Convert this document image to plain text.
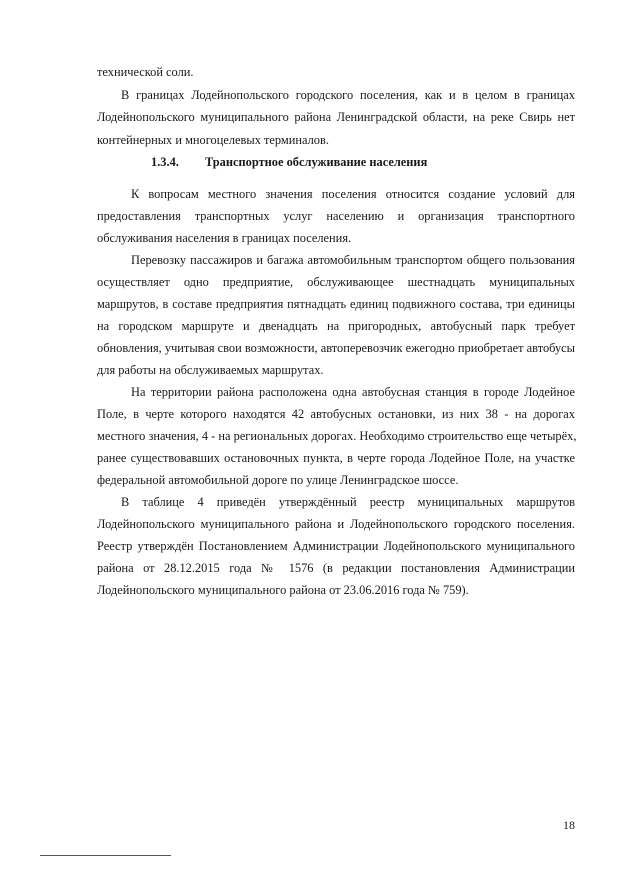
технической соли.
В границах Лодейнопольского городского поселения, как и в целом в границах
Лодейнопольского муниципального района Ленинградской области, на реке Свирь нет
контейнерных и многоцелевых терминалов.
1.3.4. Транспортное обслуживание населения
К вопросам местного значения поселения относится создание условий для
предоставления транспортных услуг населению и организация транспортного
обслуживания населения в границах поселения.
Перевозку пассажиров и багажа автомобильным транспортом общего пользования
осуществляет одно предприятие, обслуживающее шестнадцать муниципальных
маршрутов, в составе предприятия пятнадцать единиц подвижного состава, три единицы
на городском маршруте и двенадцать на пригородных, автобусный парк требует
обновления, учитывая свои возможности, автоперевозчик ежегодно приобретает автобусы
для работы на обслуживаемых маршрутах.
На территории района расположена одна автобусная станция в городе Лодейное
Поле, в черте которого находятся 42 автобусных остановки, из них 38 - на дорогах
местного значения, 4 - на региональных дорогах. Необходимо строительство еще четырёх,
ранее существовавших остановочных пункта, в черте города Лодейное Поле, на участке
федеральной автомобильной дороге по улице Ленинградское шоссе.
В таблице 4 приведён утверждённый реестр муниципальных маршрутов
Лодейнопольского муниципального района и Лодейнопольского городского поселения.
Реестр утверждён Постановлением Администрации Лодейнопольского муниципального
района от 28.12.2015 года № 1576 (в редакции постановления Администрации
Лодейнопольского муниципального района от 23.06.2016 года № 759).
18
